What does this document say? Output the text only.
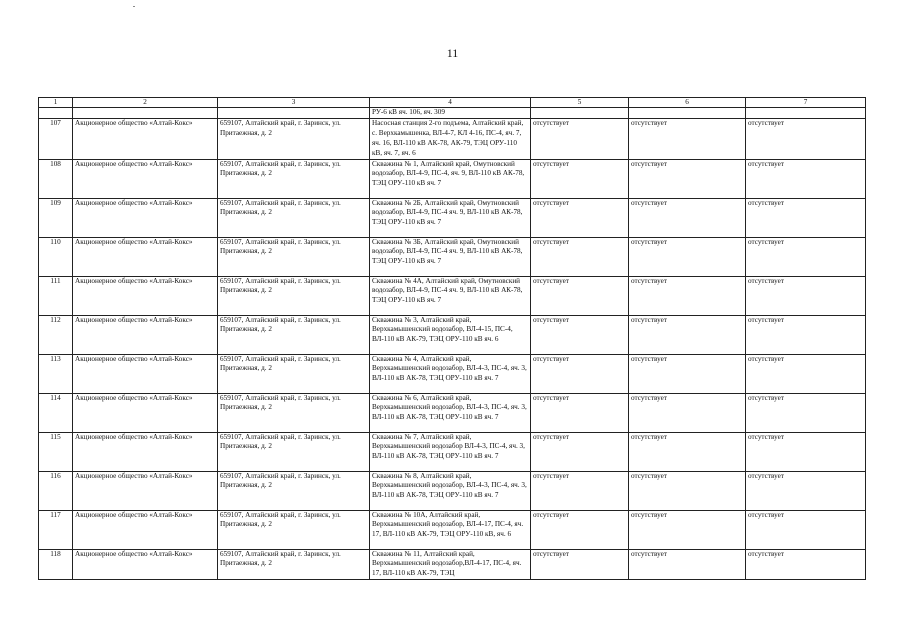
11
1	2	3	4	5	6	7
			РУ-6 кВ яч. 106, яч. 309			
107	Акционерное общество «Алтай-Кокс»	659107, Алтайский край, г. Заринск, ул. Притаежная, д. 2	Насосная станция 2-го подъема, Алтайский край, с. Верхкамышенка, ВЛ-4-7, КЛ 4-16, ПС-4, яч. 7, яч. 16, ВЛ-110 кВ АК-78, АК-79, ТЭЦ ОРУ-110 кВ, яч. 7, яч. 6	отсутствует	отсутствует	отсутствует
108	Акционерное общество «Алтай-Кокс»	659107, Алтайский край, г. Заринск, ул. Притаежная, д. 2	Скважина № 1, Алтайский край, Омутновский водозабор, ВЛ-4-9, ПС-4, яч. 9, ВЛ-110 кВ АК-78, ТЭЦ ОРУ-110 кВ яч. 7	отсутствует	отсутствует	отсутствует
109	Акционерное общество «Алтай-Кокс»	659107, Алтайский край, г. Заринск, ул. Притаежная, д. 2	Скважина № 2Б, Алтайский край, Омутновский водозабор, ВЛ-4-9, ПС-4 яч. 9, ВЛ-110 кВ АК-78, ТЭЦ ОРУ-110 кВ яч. 7	отсутствует	отсутствует	отсутствует
110	Акционерное общество «Алтай-Кокс»	659107, Алтайский край, г. Заринск, ул. Притаежная, д. 2	Скважина № 3Б, Алтайский край, Омутновский водозабор, ВЛ-4-9, ПС-4 яч. 9, ВЛ-110 кВ АК-78, ТЭЦ ОРУ-110 кВ яч. 7	отсутствует	отсутствует	отсутствует
111	Акционерное общество «Алтай-Кокс»	659107, Алтайский край, г. Заринск, ул. Притаежная, д. 2	Скважина № 4А, Алтайский край, Омутновский водозабор, ВЛ-4-9, ПС-4 яч. 9, ВЛ-110 кВ АК-78, ТЭЦ ОРУ-110 кВ яч. 7	отсутствует	отсутствует	отсутствует
112	Акционерное общество «Алтай-Кокс»	659107, Алтайский край, г. Заринск, ул. Притаежная, д. 2	Скважина № 3, Алтайский край, Верхкамышенский водозабор, ВЛ-4-15, ПС-4, ВЛ-110 кВ АК-79, ТЭЦ ОРУ-110 кВ яч. 6	отсутствует	отсутствует	отсутствует
113	Акционерное общество «Алтай-Кокс»	659107, Алтайский край, г. Заринск, ул. Притаежная, д. 2	Скважина № 4, Алтайский край, Верхкамышенский водозабор, ВЛ-4-3, ПС-4, яч. 3, ВЛ-110 кВ АК-78, ТЭЦ ОРУ-110 кВ яч. 7	отсутствует	отсутствует	отсутствует
114	Акционерное общество «Алтай-Кокс»	659107, Алтайский край, г. Заринск, ул. Притаежная, д. 2	Скважина № 6, Алтайский край, Верхкамышенский водозабор, ВЛ-4-3, ПС-4, яч. 3, ВЛ-110 кВ АК-78, ТЭЦ ОРУ-110 кВ яч. 7	отсутствует	отсутствует	отсутствует
115	Акционерное общество «Алтай-Кокс»	659107, Алтайский край, г. Заринск, ул. Притаежная, д. 2	Скважина № 7, Алтайский край, Верхкамышенский водозабор ВЛ-4-3, ПС-4, яч. 3, ВЛ-110 кВ АК-78, ТЭЦ ОРУ-110 кВ яч. 7	отсутствует	отсутствует	отсутствует
116	Акционерное общество «Алтай-Кокс»	659107, Алтайский край, г. Заринск, ул. Притаежная, д. 2	Скважина № 8, Алтайский край, Верхкамышенский водозабор, ВЛ-4-3, ПС-4, яч. 3, ВЛ-110 кВ АК-78, ТЭЦ ОРУ-110 кВ яч. 7	отсутствует	отсутствует	отсутствует
117	Акционерное общество «Алтай-Кокс»	659107, Алтайский край, г. Заринск, ул. Притаежная, д. 2	Скважина № 10А, Алтайский край, Верхкамышенский водозабор, ВЛ-4-17, ПС-4, яч. 17, ВЛ-110 кВ АК-79, ТЭЦ ОРУ-110 кВ, яч. 6	отсутствует	отсутствует	отсутствует
118	Акционерное общество «Алтай-Кокс»	659107, Алтайский край, г. Заринск, ул. Притаежная, д. 2	Скважина № 11, Алтайский край, Верхкамышенский водозабор,ВЛ-4-17, ПС-4, яч. 17, ВЛ-110 кВ АК-79, ТЭЦ	отсутствует	отсутствует	отсутствует
